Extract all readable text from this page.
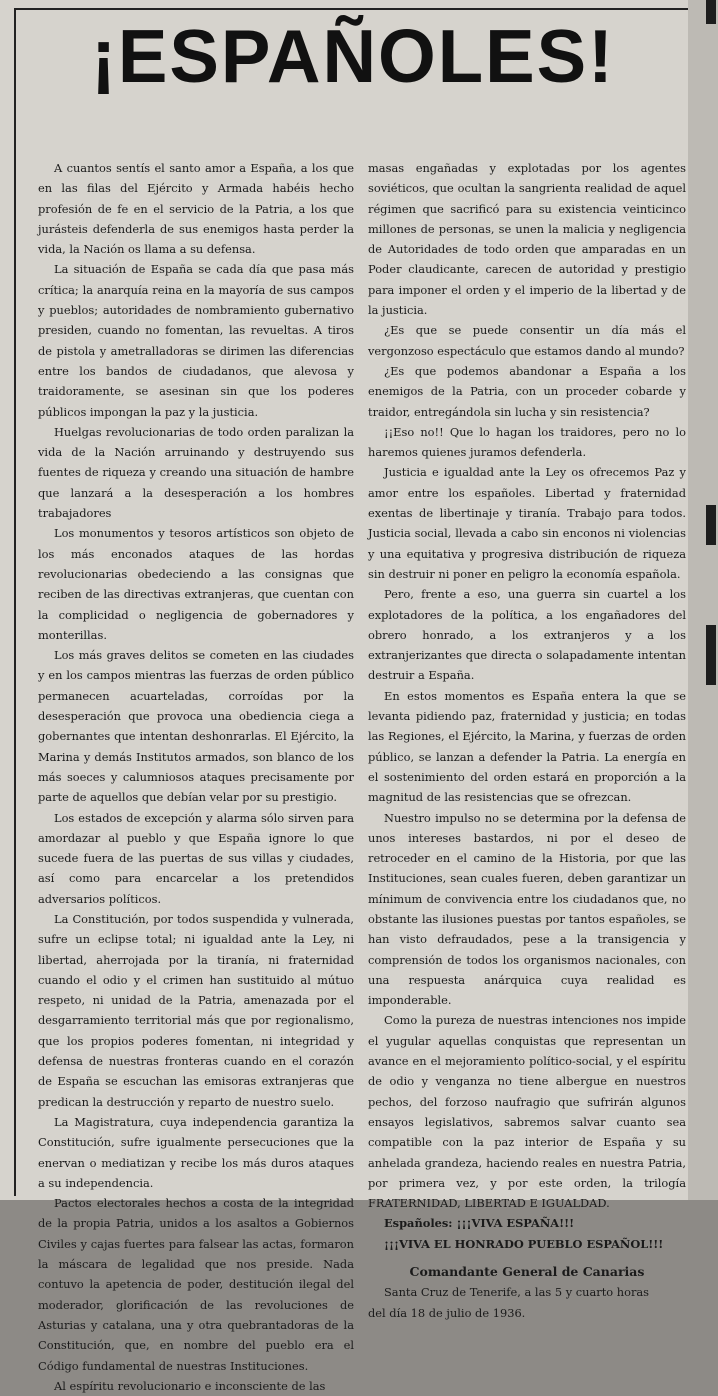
¡ESPAÑOLES!

A cuantos sentís el santo amor a España, a los que en las filas del Ejército y Armada habéis hecho profesión de fe en el servicio de la Patria, a los que jurásteis defenderla de sus enemigos hasta perder la vida, la Nación os llama a su defensa.

La situación de España se cada día que pasa más crítica; la anarquía reina en la mayoría de sus campos y pueblos; autoridades de nombramiento gubernativo presiden, cuando no fomentan, las revueltas. A tiros de pistola y ametralladoras se dirimen las diferencias entre los bandos de ciudadanos, que alevosa y traidoramente, se asesinan sin que los poderes públicos impongan la paz y la justicia.

Huelgas revolucionarias de todo orden paralizan la vida de la Nación arruinando y destruyendo sus fuentes de riqueza y creando una situación de hambre que lanzará a la desesperación a los hombres trabajadores

Los monumentos y tesoros artísticos son objeto de los más enconados ataques de las hordas revolucionarias obedeciendo a las consignas que reciben de las directivas extranjeras, que cuentan con la complicidad o negligencia de gobernadores y monterillas.

Los más graves delitos se cometen en las ciudades y en los campos mientras las fuerzas de orden público permanecen acuarteladas, corroídas por la desesperación que provoca una obediencia ciega a gobernantes que intentan deshonrarlas. El Ejército, la Marina y demás Institutos armados, son blanco de los más soeces y calumniosos ataques precisamente por parte de aquellos que debían velar por su prestigio.

Los estados de excepción y alarma sólo sirven para amordazar al pueblo y que España ignore lo que sucede fuera de las puertas de sus villas y ciudades, así como para encarcelar a los pretendidos adversarios políticos.

La Constitución, por todos suspendida y vulnerada, sufre un eclipse total; ni igualdad ante la Ley, ni libertad, aherrojada por la tiranía, ni fraternidad cuando el odio y el crimen han sustituido al mútuo respeto, ni unidad de la Patria, amenazada por el desgarramiento territorial más que por regionalismo, que los propios poderes fomentan, ni integridad y defensa de nuestras fronteras cuando en el corazón de España se escuchan las emisoras extranjeras que predican la destrucción y reparto de nuestro suelo.

La Magistratura, cuya independencia garantiza la Constitución, sufre igualmente persecuciones que la enervan o mediatizan y recibe los más duros ataques a su independencia.

Pactos electorales hechos a costa de la integridad de la propia Patria, unidos a los asaltos a Gobiernos Civiles y cajas fuertes para falsear las actas, formaron la máscara de legalidad que nos preside. Nada contuvo la apetencia de poder, destitución ilegal del moderador, glorificación de las revoluciones de Asturias y catalana, una y otra quebrantadoras de la Constitución, que, en nombre del pueblo era el Código fundamental de nuestras Instituciones.

Al espíritu revolucionario e inconsciente de las

masas engañadas y explotadas por los agentes soviéticos, que ocultan la sangrienta realidad de aquel régimen que sacrificó para su existencia veinticinco millones de personas, se unen la malicia y negligencia de Autoridades de todo orden que amparadas en un Poder claudicante, carecen de autoridad y prestigio para imponer el orden y el imperio de la libertad y de la justicia.

¿Es que se puede consentir un día más el vergonzoso espectáculo que estamos dando al mundo?

¿Es que podemos abandonar a España a los enemigos de la Patria, con un proceder cobarde y traidor, entregándola sin lucha y sin resistencia?

¡¡Eso no!! Que lo hagan los traidores, pero no lo haremos quienes juramos defenderla.

Justicia e igualdad ante la Ley os ofrecemos Paz y amor entre los españoles. Libertad y fraternidad exentas de libertinaje y tiranía. Trabajo para todos. Justicia social, llevada a cabo sin enconos ni violencias y una equitativa y progresiva distribución de riqueza sin destruir ni poner en peligro la economía española.

Pero, frente a eso, una guerra sin cuartel a los explotadores de la política, a los engañadores del obrero honrado, a los extranjeros y a los extranjerizantes que directa o solapadamente intentan destruir a España.

En estos momentos es España entera la que se levanta pidiendo paz, fraternidad y justicia; en todas las Regiones, el Ejército, la Marina, y fuerzas de orden público, se lanzan a defender la Patria. La energía en el sostenimiento del orden estará en proporción a la magnitud de las resistencias que se ofrezcan.

Nuestro impulso no se determina por la defensa de unos intereses bastardos, ni por el deseo de retroceder en el camino de la Historia, por que las Instituciones, sean cuales fueren, deben garantizar un mínimum de convivencia entre los ciudadanos que, no obstante las ilusiones puestas por tantos españoles, se han visto defraudados, pese a la transigencia y comprensión de todos los organismos nacionales, con una respuesta anárquica cuya realidad es imponderable.

Como la pureza de nuestras intenciones nos impide el yugular aquellas conquistas que representan un avance en el mejoramiento político-social, y el espíritu de odio y venganza no tiene albergue en nuestros pechos, del forzoso naufragio que sufrirán algunos ensayos legislativos, sabremos salvar cuanto sea compatible con la paz interior de España y su anhelada grandeza, haciendo reales en nuestra Patria, por primera vez, y por este orden, la trilogía FRATERNIDAD, LIBERTAD E IGUALDAD.

Españoles: ¡¡¡VIVA ESPAÑA!!!

¡¡¡VIVA EL HONRADO PUEBLO ESPAÑOL!!!

Comandante General de Canarias

Santa Cruz de Tenerife, a las 5 y cuarto horas

del día 18 de julio de 1936.
